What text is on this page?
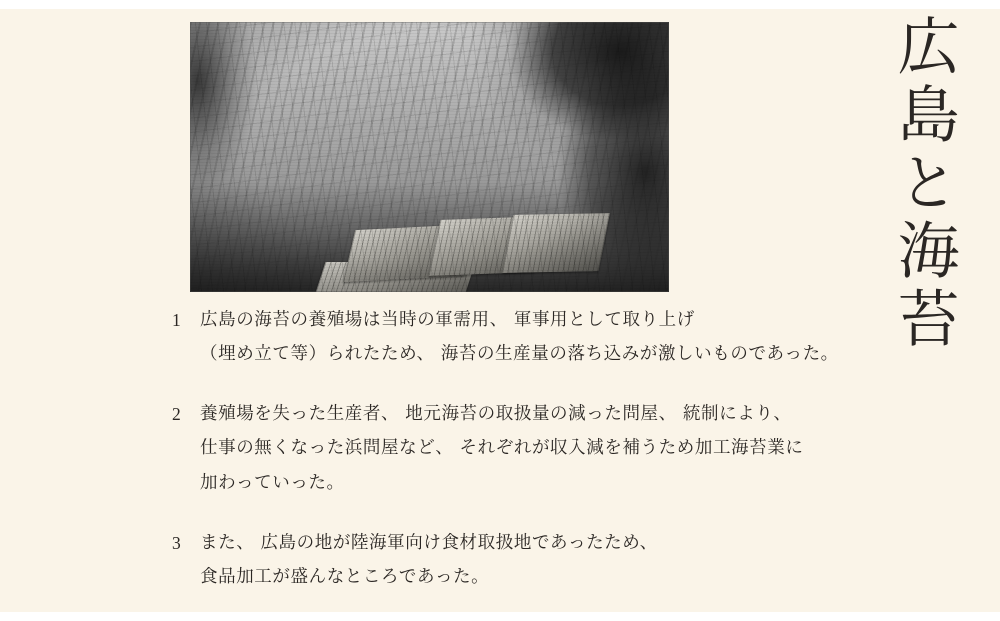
広島と海苔
1	広島の海苔の養殖場は当時の軍需用、 軍事用として取り上げ
（埋め立て等）られたため、 海苔の生産量の落ち込みが激しいものであった。
2	養殖場を失った生産者、 地元海苔の取扱量の減った問屋、 統制により、
仕事の無くなった浜問屋など、 それぞれが収入減を補うため加工海苔業に
加わっていった。
3	また、 広島の地が陸海軍向け食材取扱地であったため、
食品加工が盛んなところであった。
